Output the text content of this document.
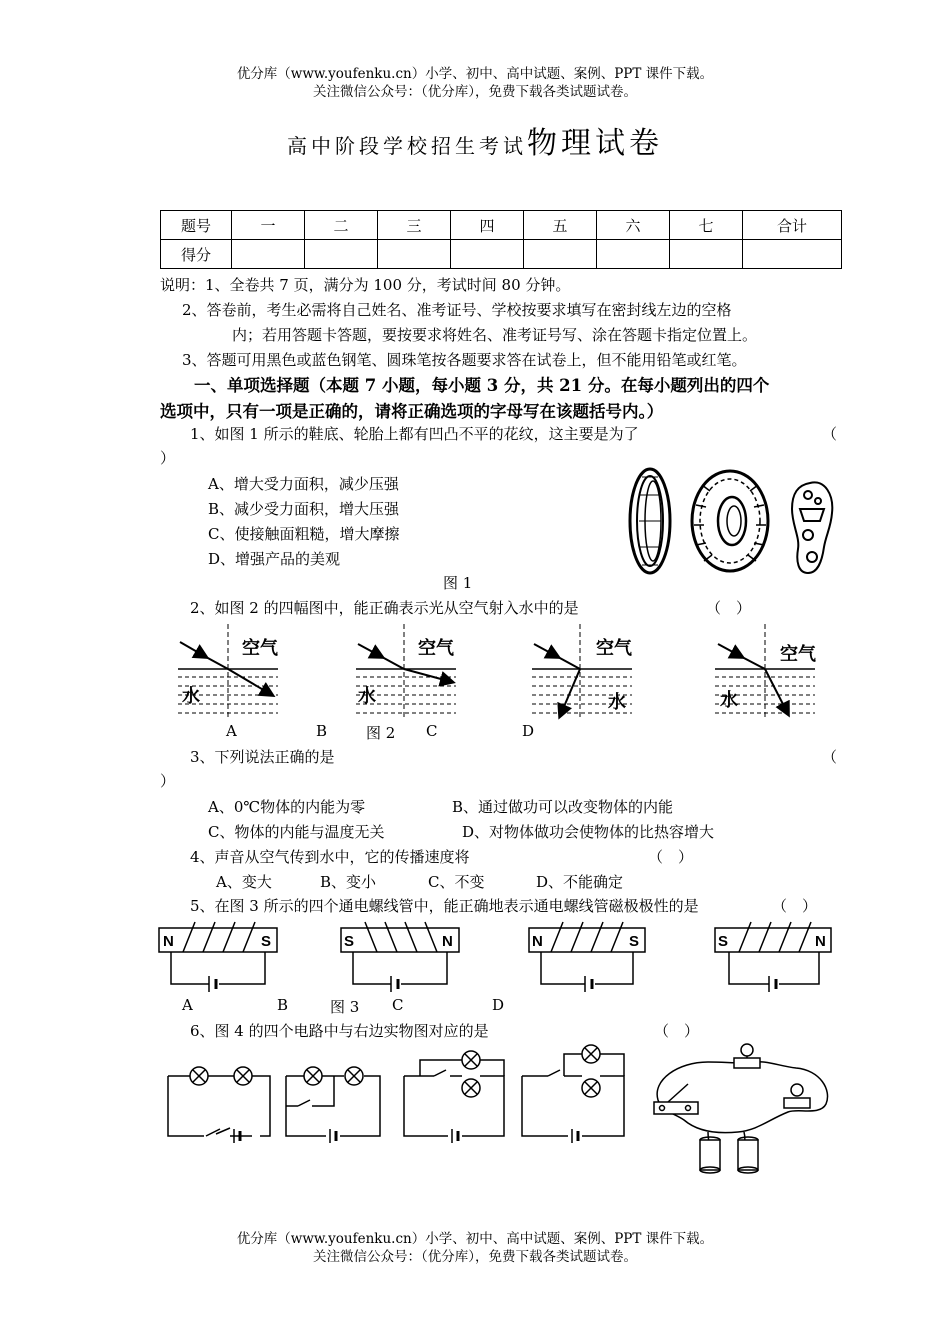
优分库（www.youfenku.cn）小学、初中、高中试题、案例、PPT 课件下载。
关注微信公众号：（优分库），免费下载各类试题试卷。
高中阶段学校招生考试物理试卷
题号	一	二	三	四	五	六	七	合计
得分								
说明：1、全卷共 7 页，满分为 100 分，考试时间 80 分钟。
2、答卷前，考生必需将自己姓名、准考证号、学校按要求填写在密封线左边的空格
内；若用答题卡答题，要按要求将姓名、准考证号写、涂在答题卡指定位置上。
3、答题可用黑色或蓝色钢笔、圆珠笔按各题要求答在试卷上，但不能用铅笔或红笔。
一、单项选择题（本题 7 小题，每小题 3 分，共 21 分。在每小题列出的四个
选项中，只有一项是正确的，请将正确选项的字母写在该题括号内。）
1、如图 1 所示的鞋底、轮胎上都有凹凸不平的花纹，这主要是为了	（
）
A、增大受力面积，减少压强
B、减少受力面积，增大压强
C、使接触面粗糙，增大摩擦
D、增强产品的美观
图 1
2、如图 2 的四幅图中，能正确表示光从空气射入水中的是	（　）
空气
水
空气
水
空气
水
空气
水
A	B	图 2 C	D
3、下列说法正确的是	（
）
A、0℃物体的内能为零	B、通过做功可以改变物体的内能
C、物体的内能与温度无关	D、对物体做功会使物体的比热容增大
4、声音从空气传到水中，它的传播速度将	（　）
A、变大	B、变小	C、不变	D、不能确定
5、在图 3 所示的四个通电螺线管中，能正确地表示通电螺线管磁极极性的是	（　）
N	S	S	N	N	S	S	N
A	B	图 3 C	D
6、图 4 的四个电路中与右边实物图对应的是	（　）
优分库（www.youfenku.cn）小学、初中、高中试题、案例、PPT 课件下载。
关注微信公众号：（优分库），免费下载各类试题试卷。
